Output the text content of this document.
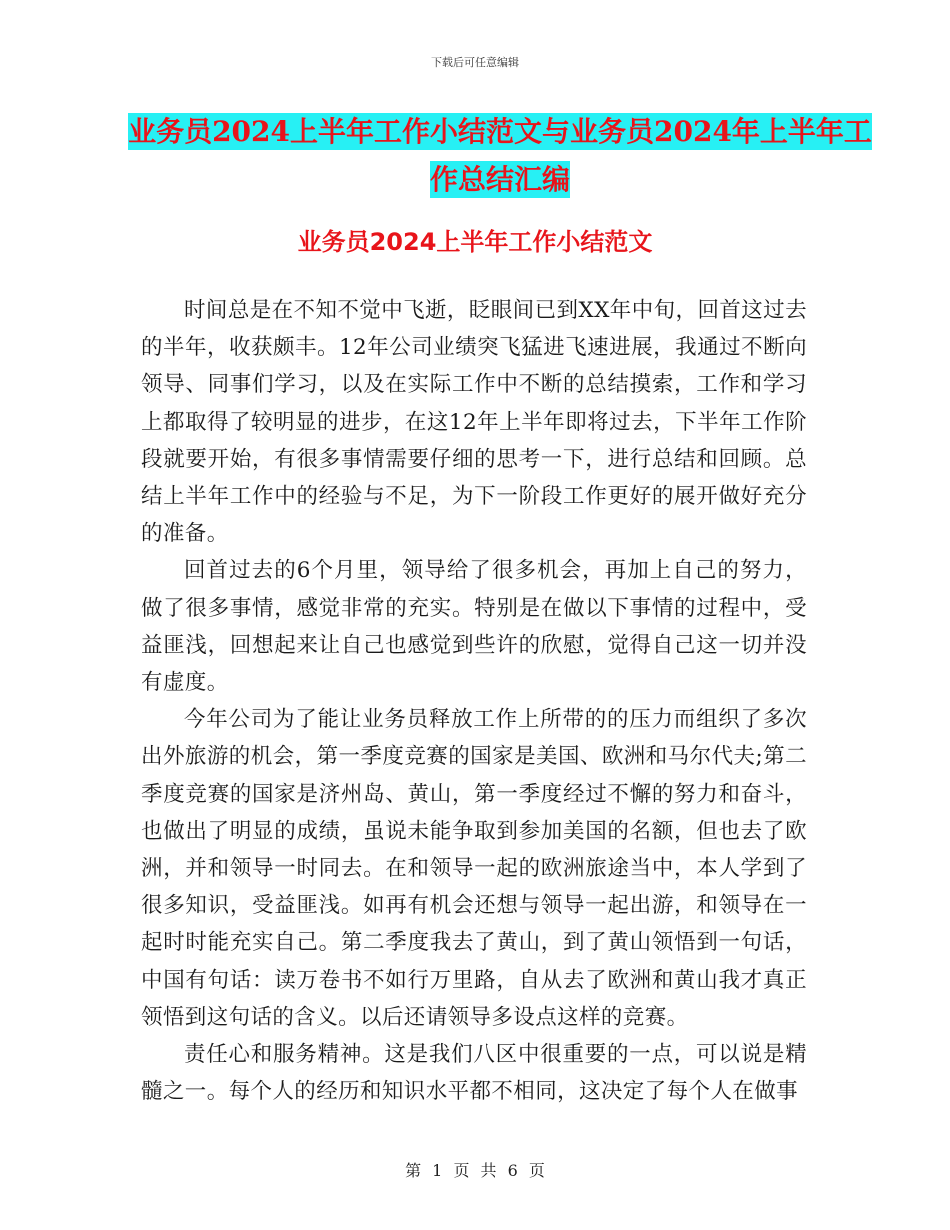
下载后可任意编辑
业务员2024上半年工作小结范文与业务员2024年上半年工作总结汇编
业务员2024上半年工作小结范文

时间总是在不知不觉中飞逝，眨眼间已到XX年中旬，回首这过去的半年，收获颇丰。12年公司业绩突飞猛进飞速进展，我通过不断向领导、同事们学习，以及在实际工作中不断的总结摸索，工作和学习上都取得了较明显的进步，在这12年上半年即将过去，下半年工作阶段就要开始，有很多事情需要仔细的思考一下，进行总结和回顾。总结上半年工作中的经验与不足，为下一阶段工作更好的展开做好充分的准备。

回首过去的6个月里，领导给了很多机会，再加上自己的努力，做了很多事情，感觉非常的充实。特别是在做以下事情的过程中，受益匪浅，回想起来让自己也感觉到些许的欣慰，觉得自己这一切并没有虚度。

今年公司为了能让业务员释放工作上所带的的压力而组织了多次出外旅游的机会，第一季度竞赛的国家是美国、欧洲和马尔代夫;第二季度竞赛的国家是济州岛、黄山，第一季度经过不懈的努力和奋斗，也做出了明显的成绩，虽说未能争取到参加美国的名额，但也去了欧洲，并和领导一时同去。在和领导一起的欧洲旅途当中，本人学到了很多知识，受益匪浅。如再有机会还想与领导一起出游，和领导在一起时时能充实自己。第二季度我去了黄山，到了黄山领悟到一句话，中国有句话：读万卷书不如行万里路，自从去了欧洲和黄山我才真正领悟到这句话的含义。以后还请领导多设点这样的竞赛。

责任心和服务精神。这是我们八区中很重要的一点，可以说是精髓之一。每个人的经历和知识水平都不相同，这决定了每个人在做事

第 1 页 共 6 页
